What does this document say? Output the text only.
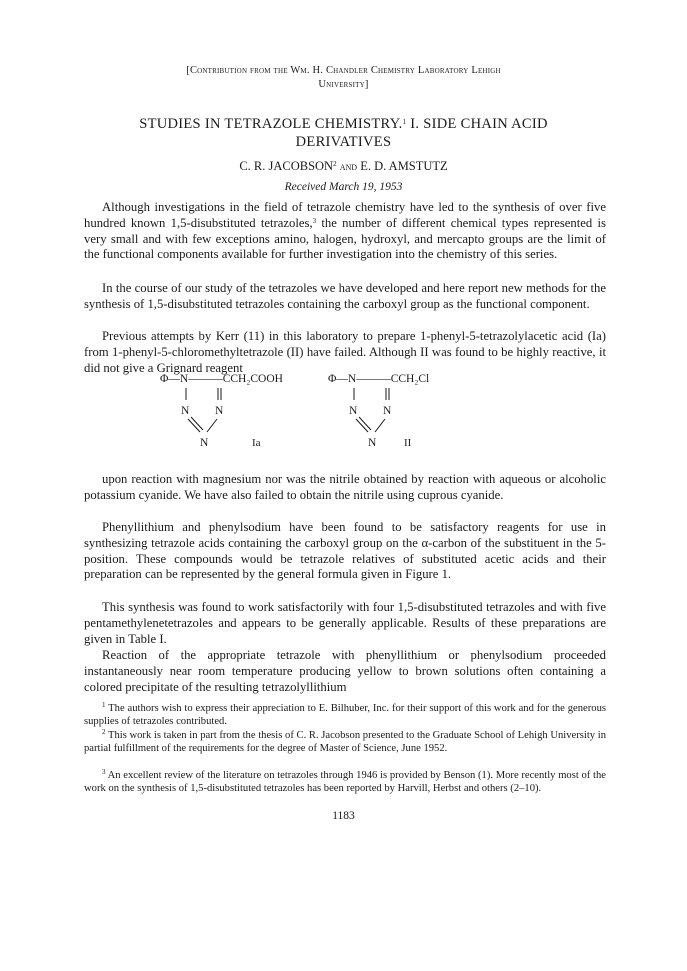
[Contribution from the Wm. H. Chandler Chemistry Laboratory Lehigh
University]
STUDIES IN TETRAZOLE CHEMISTRY.$^1$ I. SIDE CHAIN ACID
DERIVATIVES
C. R. JACOBSON$^2$ and E. D. AMSTUTZ
Received March 19, 1953

Although investigations in the field of tetrazole chemistry have led to the synthesis of over five hundred known 1,5-disubstituted tetrazoles,$^3$ the number of different chemical types represented is very small and with few exceptions amino, halogen, hydroxyl, and mercapto groups are the limit of the functional components available for further investigation into the chemistry of this series.

In the course of our study of the tetrazoles we have developed and here report new methods for the synthesis of 1,5-disubstituted tetrazoles containing the carboxyl group as the functional component.

Previous attempts by Kerr (11) in this laboratory to prepare 1-phenyl-5-tetrazolylacetic acid (Ia) from 1-phenyl-5-chloromethyltetrazole (II) have failed. Although II was found to be highly reactive, it did not give a Grignard reagent

Φ—N———CCH₂COOH
N N
N	Ia
Φ—N———CCH₂Cl
N N
N	II

upon reaction with magnesium nor was the nitrile obtained by reaction with aqueous or alcoholic potassium cyanide. We have also failed to obtain the nitrile using cuprous cyanide.

Phenyllithium and phenylsodium have been found to be satisfactory reagents for use in synthesizing tetrazole acids containing the carboxyl group on the α-carbon of the substituent in the 5-position. These compounds would be tetrazole relatives of substituted acetic acids and their preparation can be represented by the general formula given in Figure 1.

This synthesis was found to work satisfactorily with four 1,5-disubstituted tetrazoles and with five pentamethylenetetrazoles and appears to be generally applicable. Results of these preparations are given in Table I.

Reaction of the appropriate tetrazole with phenyllithium or phenylsodium proceeded instantaneously near room temperature producing yellow to brown solutions often containing a colored precipitate of the resulting tetrazolyllithium

$^1$ The authors wish to express their appreciation to E. Bilhuber, Inc. for their support of this work and for the generous supplies of tetrazoles contributed.

$^2$ This work is taken in part from the thesis of C. R. Jacobson presented to the Graduate School of Lehigh University in partial fulfillment of the requirements for the degree of Master of Science, June 1952.

$^3$ An excellent review of the literature on tetrazoles through 1946 is provided by Benson (1). More recently most of the work on the synthesis of 1,5-disubstituted tetrazoles has been reported by Harvill, Herbst and others (2–10).

1183
